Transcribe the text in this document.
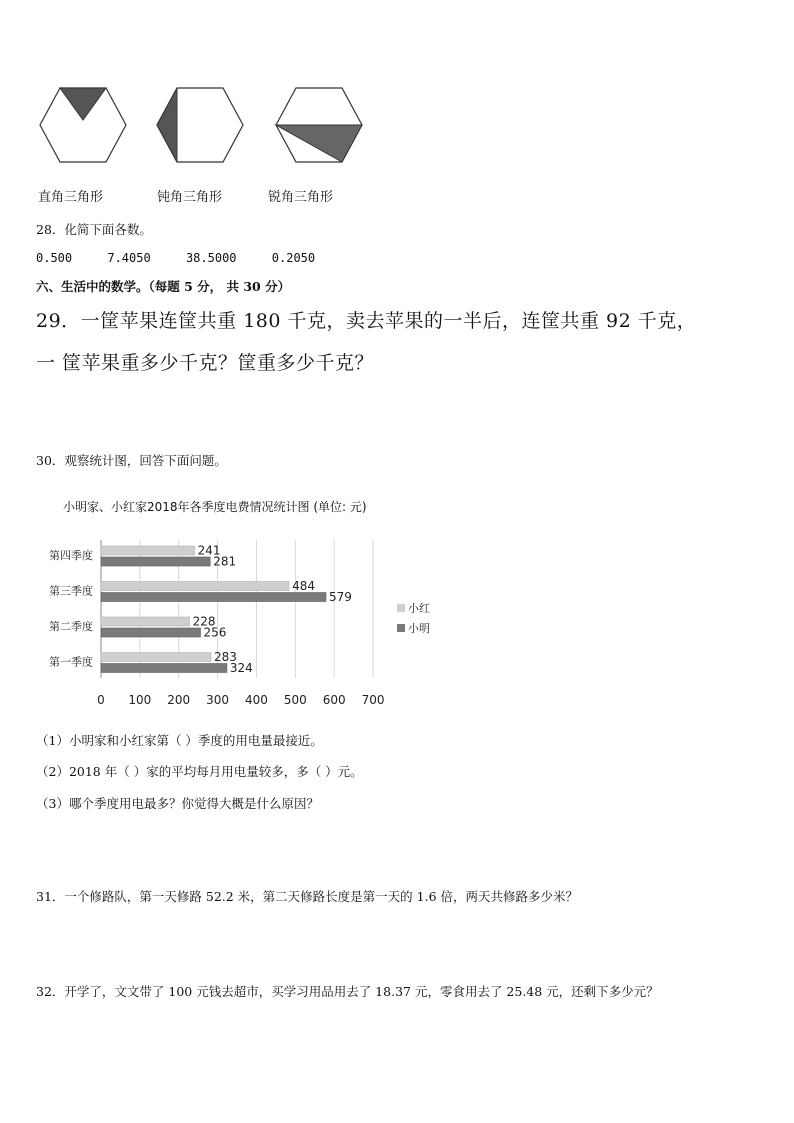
直角三角形	钝角三角形	锐角三角形
28．化简下面各数。
0.500	7.4050	38.5000	0.2050
六、生活中的数学。（每题 5 分， 共 30 分）
29．一筐苹果连筐共重 180 千克，卖去苹果的一半后，连筐共重 92 千克，
一 筐苹果重多少千克？筐重多少千克？
30．观察统计图，回答下面问题。
小明家、小红家2018年各季度电费情况统计图 (单位: 元)
0 100 200 300 400 500 600 700
第四季度	241
281
第三季度	484
579
第二季度	228
256
第一季度	283
324
小红
小明
（1）小明家和小红家第（ ）季度的用电量最接近。
（2）2018 年（ ）家的平均每月用电量较多，多（ ）元。
（3）哪个季度用电最多？你觉得大概是什么原因？
31．一个修路队，第一天修路 52.2 米，第二天修路长度是第一天的 1.6 倍，两天共修路多少米？
32．开学了，文文带了 100 元钱去超市，买学习用品用去了 18.37 元，零食用去了 25.48 元，还剩下多少元？
